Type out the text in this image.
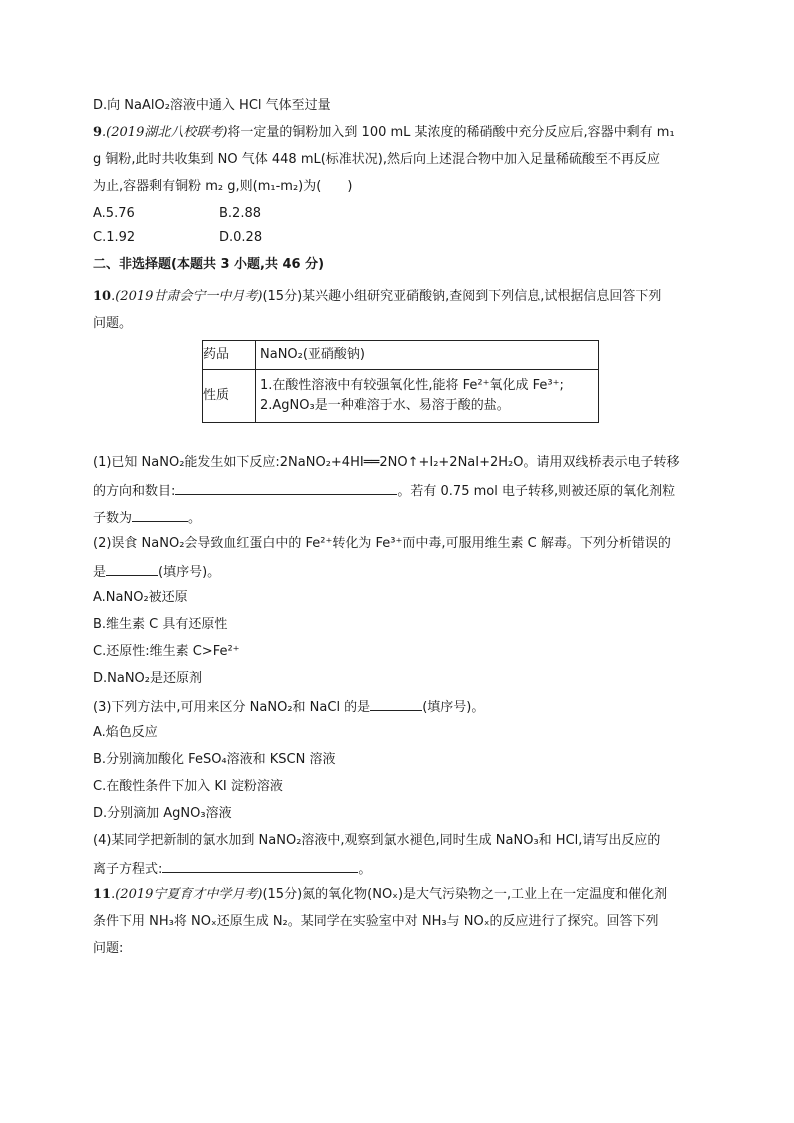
D.向 NaAlO₂溶液中通入 HCl 气体至过量
9.(2019湖北八校联考)将一定量的铜粉加入到 100 mL 某浓度的稀硝酸中充分反应后,容器中剩有 m₁
g 铜粉,此时共收集到 NO 气体 448 mL(标准状况),然后向上述混合物中加入足量稀硫酸至不再反应
为止,容器剩有铜粉 m₂ g,则(m₁-m₂)为(　　)
A.5.76	B.2.88
C.1.92	D.0.28
二、非选择题(本题共 3 小题,共 46 分)
10.(2019甘肃会宁一中月考)(15分)某兴趣小组研究亚硝酸钠,查阅到下列信息,试根据信息回答下列
问题。
药品	NaNO₂(亚硝酸钠)
性质	1.在酸性溶液中有较强氧化性,能将 Fe²⁺氧化成 Fe³⁺;
2.AgNO₃是一种难溶于水、易溶于酸的盐。
(1)已知 NaNO₂能发生如下反应:2NaNO₂+4HI══2NO↑+I₂+2NaI+2H₂O。请用双线桥表示电子转移
的方向和数目:	。若有 0.75 mol 电子转移,则被还原的氧化剂粒
子数为	。
(2)误食 NaNO₂会导致血红蛋白中的 Fe²⁺转化为 Fe³⁺而中毒,可服用维生素 C 解毒。下列分析错误的
是	(填序号)。
A.NaNO₂被还原
B.维生素 C 具有还原性
C.还原性:维生素 C>Fe²⁺
D.NaNO₂是还原剂
(3)下列方法中,可用来区分 NaNO₂和 NaCl 的是	(填序号)。
A.焰色反应
B.分别滴加酸化 FeSO₄溶液和 KSCN 溶液
C.在酸性条件下加入 KI 淀粉溶液
D.分别滴加 AgNO₃溶液
(4)某同学把新制的氯水加到 NaNO₂溶液中,观察到氯水褪色,同时生成 NaNO₃和 HCl,请写出反应的
离子方程式:	。
11.(2019宁夏育才中学月考)(15分)氮的氧化物(NOₓ)是大气污染物之一,工业上在一定温度和催化剂
条件下用 NH₃将 NOₓ还原生成 N₂。某同学在实验室中对 NH₃与 NOₓ的反应进行了探究。回答下列
问题:
